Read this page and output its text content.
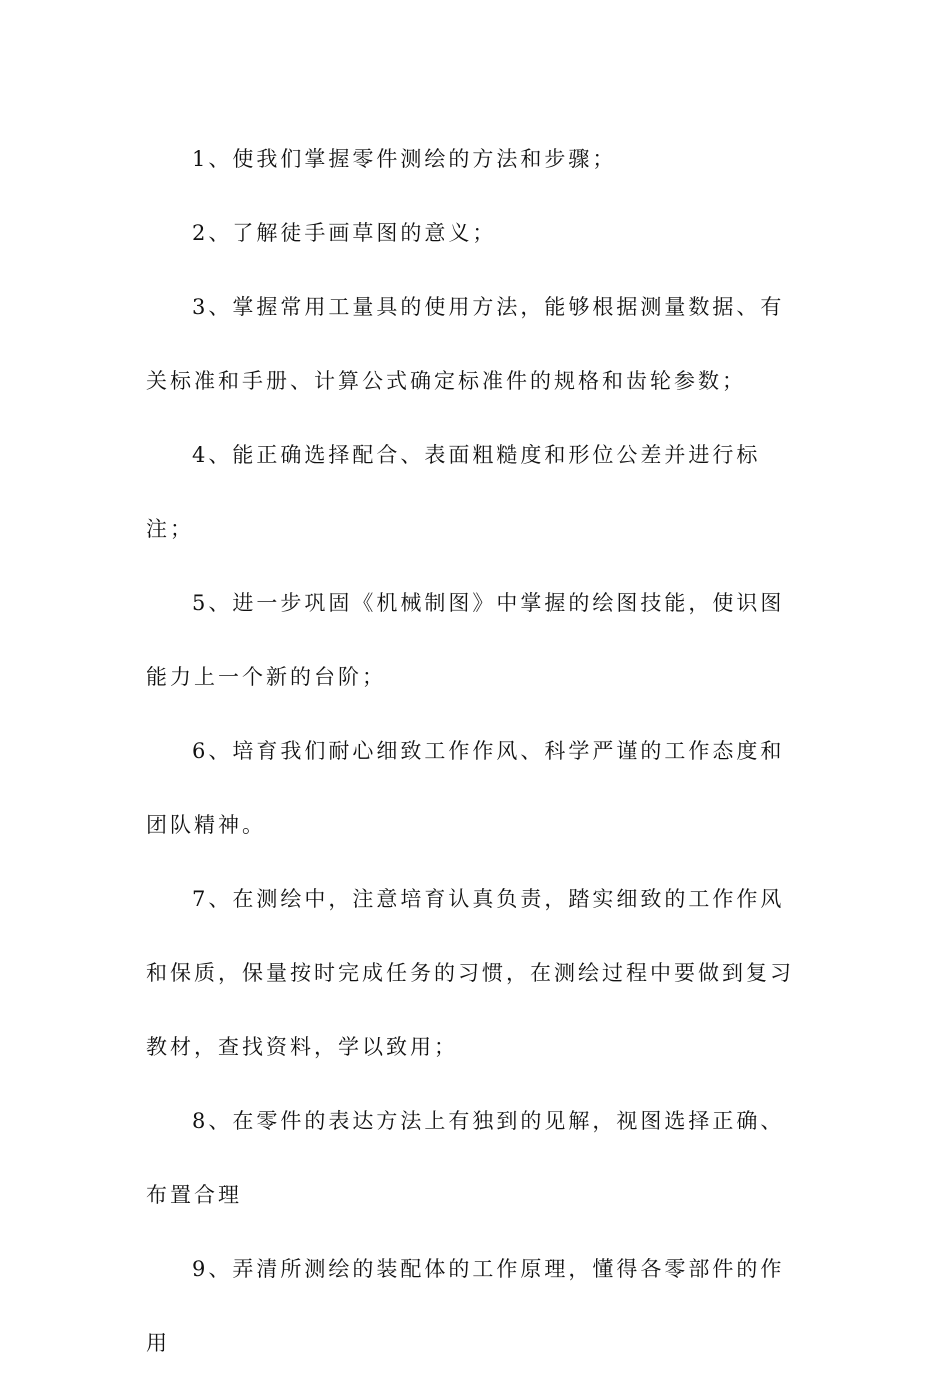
1、使我们掌握零件测绘的方法和步骤；

2、了解徒手画草图的意义；

3、掌握常用工量具的使用方法，能够根据测量数据、有关标准和手册、计算公式确定标准件的规格和齿轮参数；

4、能正确选择配合、表面粗糙度和形位公差并进行标注；

5、进一步巩固《机械制图》中掌握的绘图技能，使识图能力上一个新的台阶；

6、培育我们耐心细致工作作风、科学严谨的工作态度和团队精神。

7、在测绘中，注意培育认真负责，踏实细致的工作作风和保质，保量按时完成任务的习惯，在测绘过程中要做到复习教材，查找资料，学以致用；

8、在零件的表达方法上有独到的见解，视图选择正确、布置合理

9、弄清所测绘的装配体的工作原理，懂得各零部件的作用
